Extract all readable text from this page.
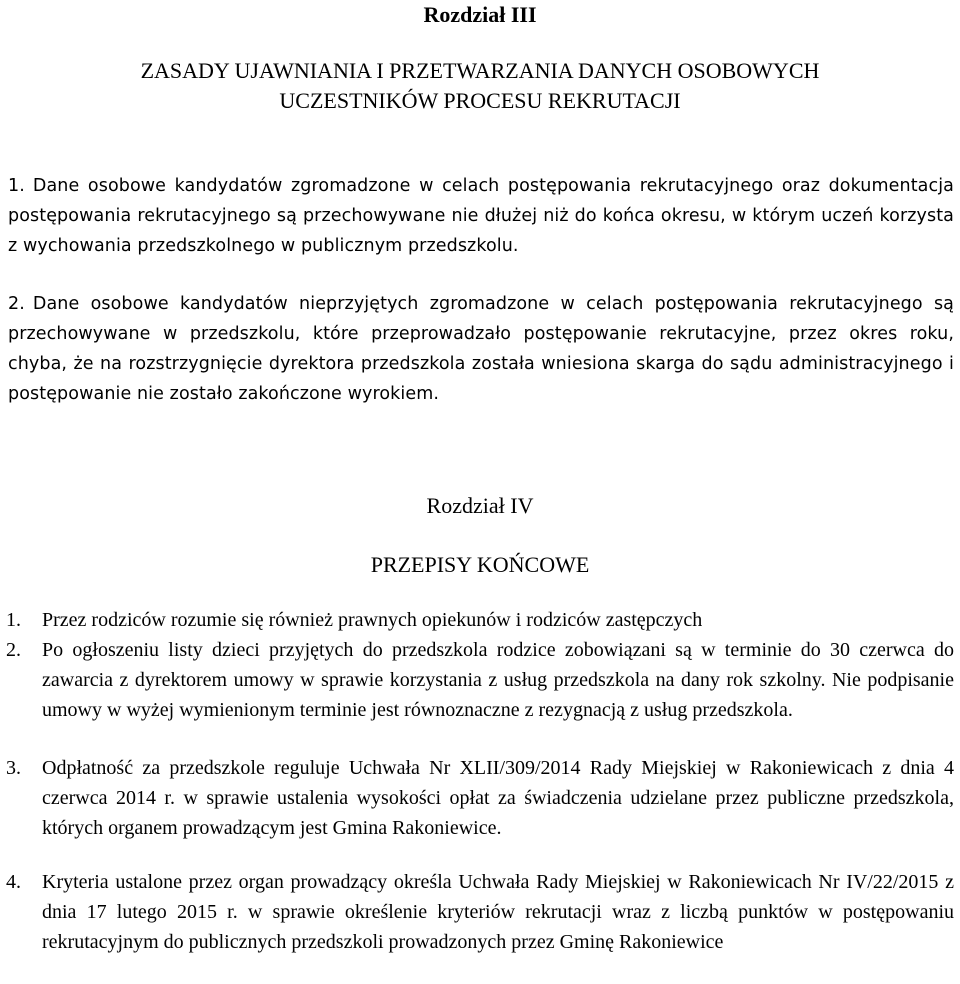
Rozdział III
ZASADY UJAWNIANIA I PRZETWARZANIA DANYCH OSOBOWYCH
UCZESTNIKÓW PROCESU REKRUTACJI

1. Dane osobowe kandydatów zgromadzone w celach postępowania rekrutacyjnego oraz dokumentacja postępowania rekrutacyjnego są przechowywane nie dłużej niż do końca okresu, w którym uczeń korzysta z wychowania przedszkolnego w publicznym przedszkolu.

2. Dane osobowe kandydatów nieprzyjętych zgromadzone w celach postępowania rekrutacyjnego są przechowywane w przedszkolu, które przeprowadzało postępowanie rekrutacyjne, przez okres roku, chyba, że na rozstrzygnięcie dyrektora przedszkola została wniesiona skarga do sądu administracyjnego i postępowanie nie zostało zakończone wyrokiem.

Rozdział IV
PRZEPISY KOŃCOWE

1. Przez rodziców rozumie się również prawnych opiekunów i rodziców zastępczych

2. Po ogłoszeniu listy dzieci przyjętych do przedszkola rodzice zobowiązani są w terminie do 30 czerwca do zawarcia z dyrektorem umowy w sprawie korzystania z usług przedszkola na dany rok szkolny. Nie podpisanie umowy w wyżej wymienionym terminie jest równoznaczne z rezygnacją z usług przedszkola.

3. Odpłatność za przedszkole reguluje Uchwała Nr XLII/309/2014 Rady Miejskiej w Rakoniewicach z dnia 4 czerwca 2014 r. w sprawie ustalenia wysokości opłat za świadczenia udzielane przez publiczne przedszkola, których organem prowadzącym jest Gmina Rakoniewice.

4. Kryteria ustalone przez organ prowadzący określa Uchwała Rady Miejskiej w Rakoniewicach Nr IV/22/2015 z dnia 17 lutego 2015 r. w sprawie określenie kryteriów rekrutacji wraz z liczbą punktów w postępowaniu rekrutacyjnym do publicznych przedszkoli prowadzonych przez Gminę Rakoniewice
